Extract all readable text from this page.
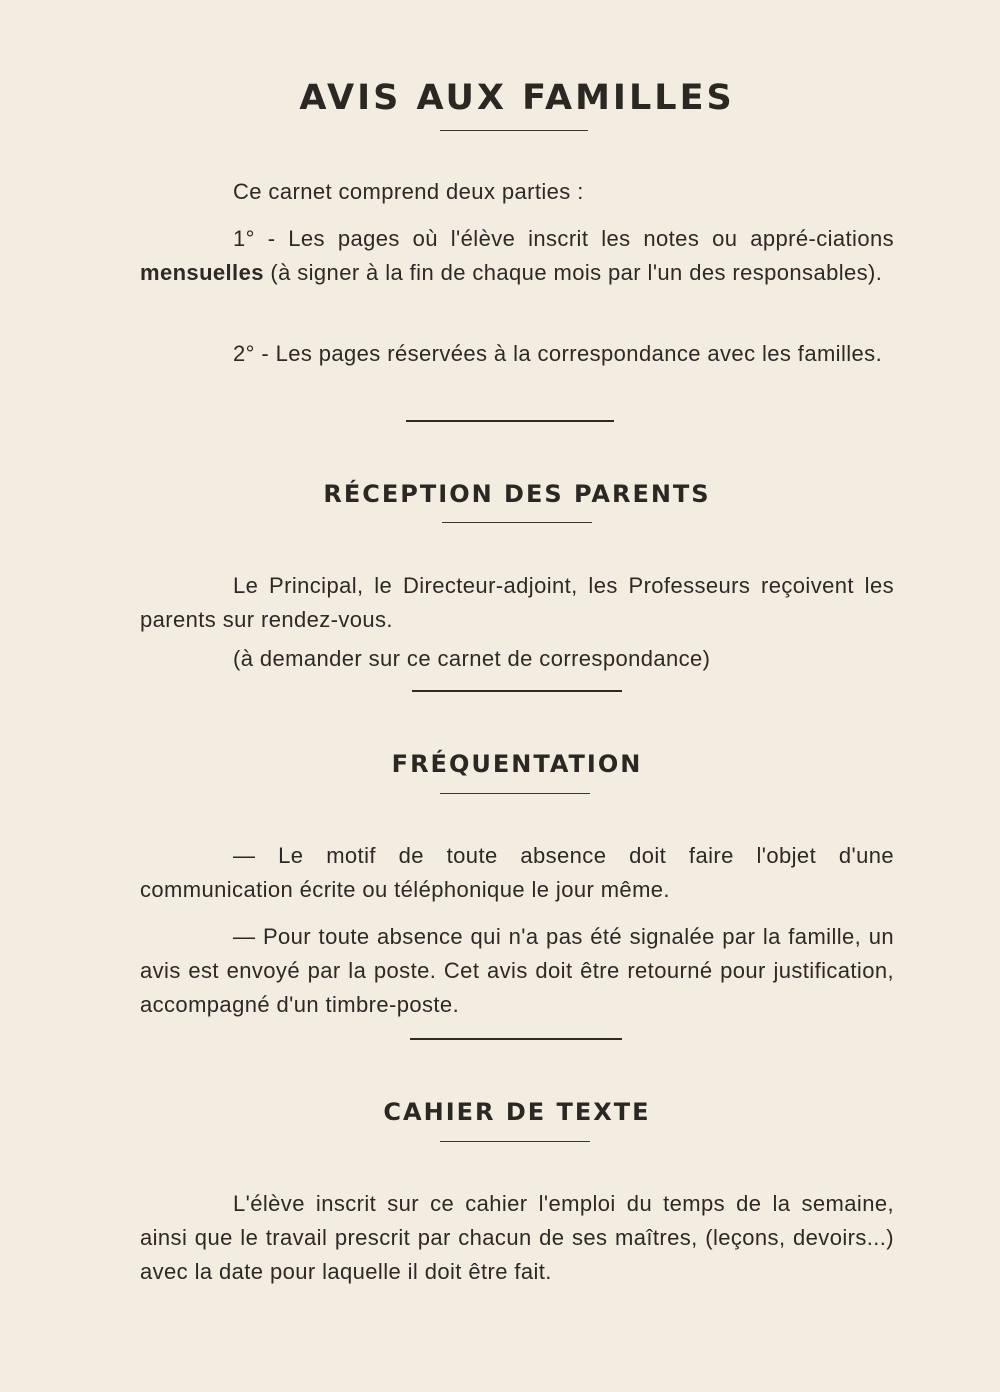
AVIS AUX FAMILLES

Ce carnet comprend deux parties :

1° - Les pages où l'élève inscrit les notes ou appré-ciations mensuelles (à signer à la fin de chaque mois par l'un des responsables).

2° - Les pages réservées à la correspondance avec les familles.

RÉCEPTION DES PARENTS

Le Principal, le Directeur-adjoint, les Professeurs reçoivent les parents sur rendez-vous.

(à demander sur ce carnet de correspondance)

FRÉQUENTATION

— Le motif de toute absence doit faire l'objet d'une communication écrite ou téléphonique le jour même.

— Pour toute absence qui n'a pas été signalée par la famille, un avis est envoyé par la poste. Cet avis doit être retourné pour justification, accompagné d'un timbre-poste.

CAHIER DE TEXTE

L'élève inscrit sur ce cahier l'emploi du temps de la semaine, ainsi que le travail prescrit par chacun de ses maîtres, (leçons, devoirs...) avec la date pour laquelle il doit être fait.
